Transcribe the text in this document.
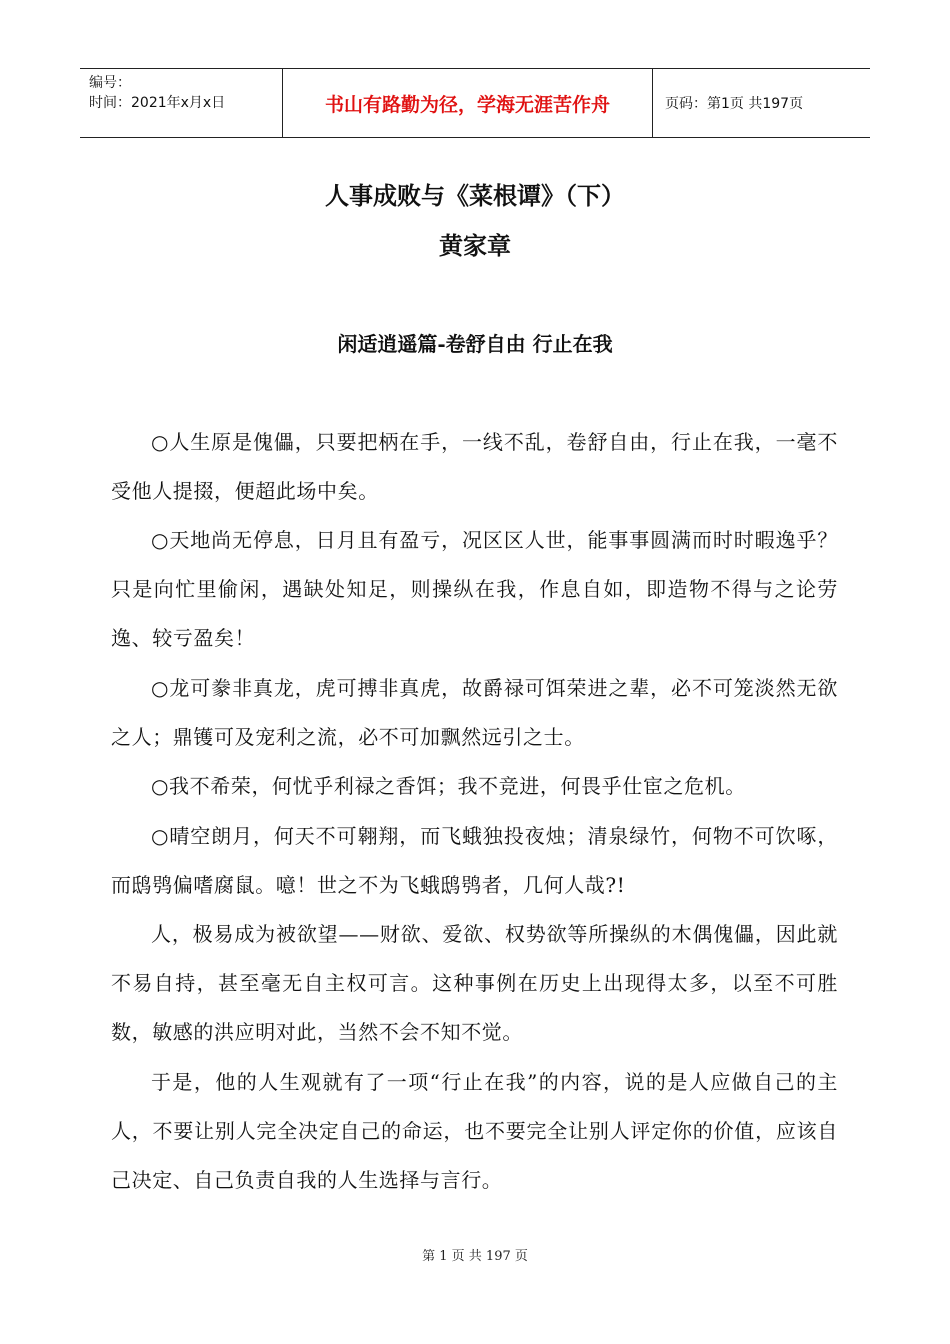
编号：
时间：2021年x月x日	书山有路勤为径，学海无涯苦作舟	页码：第1页 共197页
人事成败与《菜根谭》（下）
黄家章
闲适逍遥篇-卷舒自由 行止在我

○人生原是傀儡，只要把柄在手，一线不乱，卷舒自由，行止在我，一毫不受他人提掇，便超此场中矣。

○天地尚无停息，日月且有盈亏，况区区人世，能事事圆满而时时暇逸乎？只是向忙里偷闲，遇缺处知足，则操纵在我，作息自如，即造物不得与之论劳逸、较亏盈矣！

○龙可豢非真龙，虎可搏非真虎，故爵禄可饵荣进之辈，必不可笼淡然无欲之人；鼎镬可及宠利之流，必不可加飘然远引之士。

○我不希荣，何忧乎利禄之香饵；我不竞进，何畏乎仕宦之危机。

○晴空朗月，何天不可翱翔，而飞蛾独投夜烛；清泉绿竹，何物不可饮啄，而鸱鸮偏嗜腐鼠。噫！世之不为飞蛾鸱鸮者，几何人哉?!

人，极易成为被欲望——财欲、爱欲、权势欲等所操纵的木偶傀儡，因此就不易自持，甚至毫无自主权可言。这种事例在历史上出现得太多，以至不可胜数，敏感的洪应明对此，当然不会不知不觉。

于是，他的人生观就有了一项“行止在我”的内容，说的是人应做自己的主人，不要让别人完全决定自己的命运，也不要完全让别人评定你的价值，应该自己决定、自己负责自我的人生选择与言行。

第 1 页 共 197 页
